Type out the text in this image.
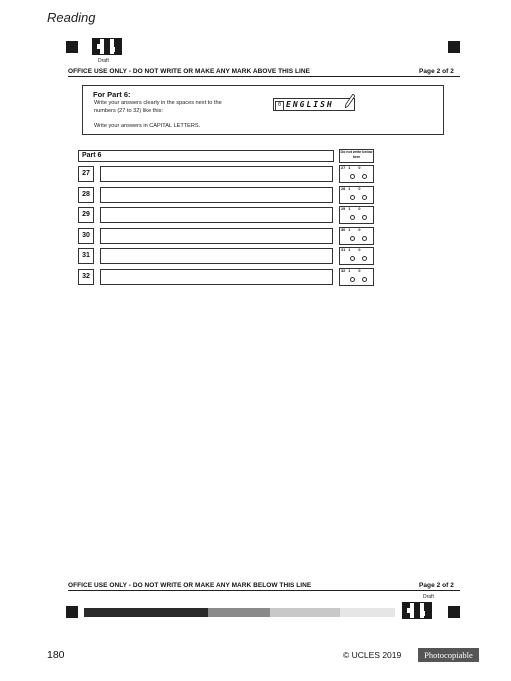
Reading
Draft
OFFICE USE ONLY - DO NOT WRITE OR MAKE ANY MARK ABOVE THIS LINE	Page 2 of 2
For Part 6:
Write your answers clearly in the spaces next to the
numbers (27 to 32) like this:
Write your answers in CAPITAL LETTERS.
0 ENGLISH
Part 6	Do not write below here
27
27 1 0
28
28 1 0
29
29 1 0
30
30 1 0
31
31 1 0
32
32 1 0
OFFICE USE ONLY - DO NOT WRITE OR MAKE ANY MARK BELOW THIS LINE	Page 2 of 2
Draft
180	© UCLES 2019	Photocopiable
